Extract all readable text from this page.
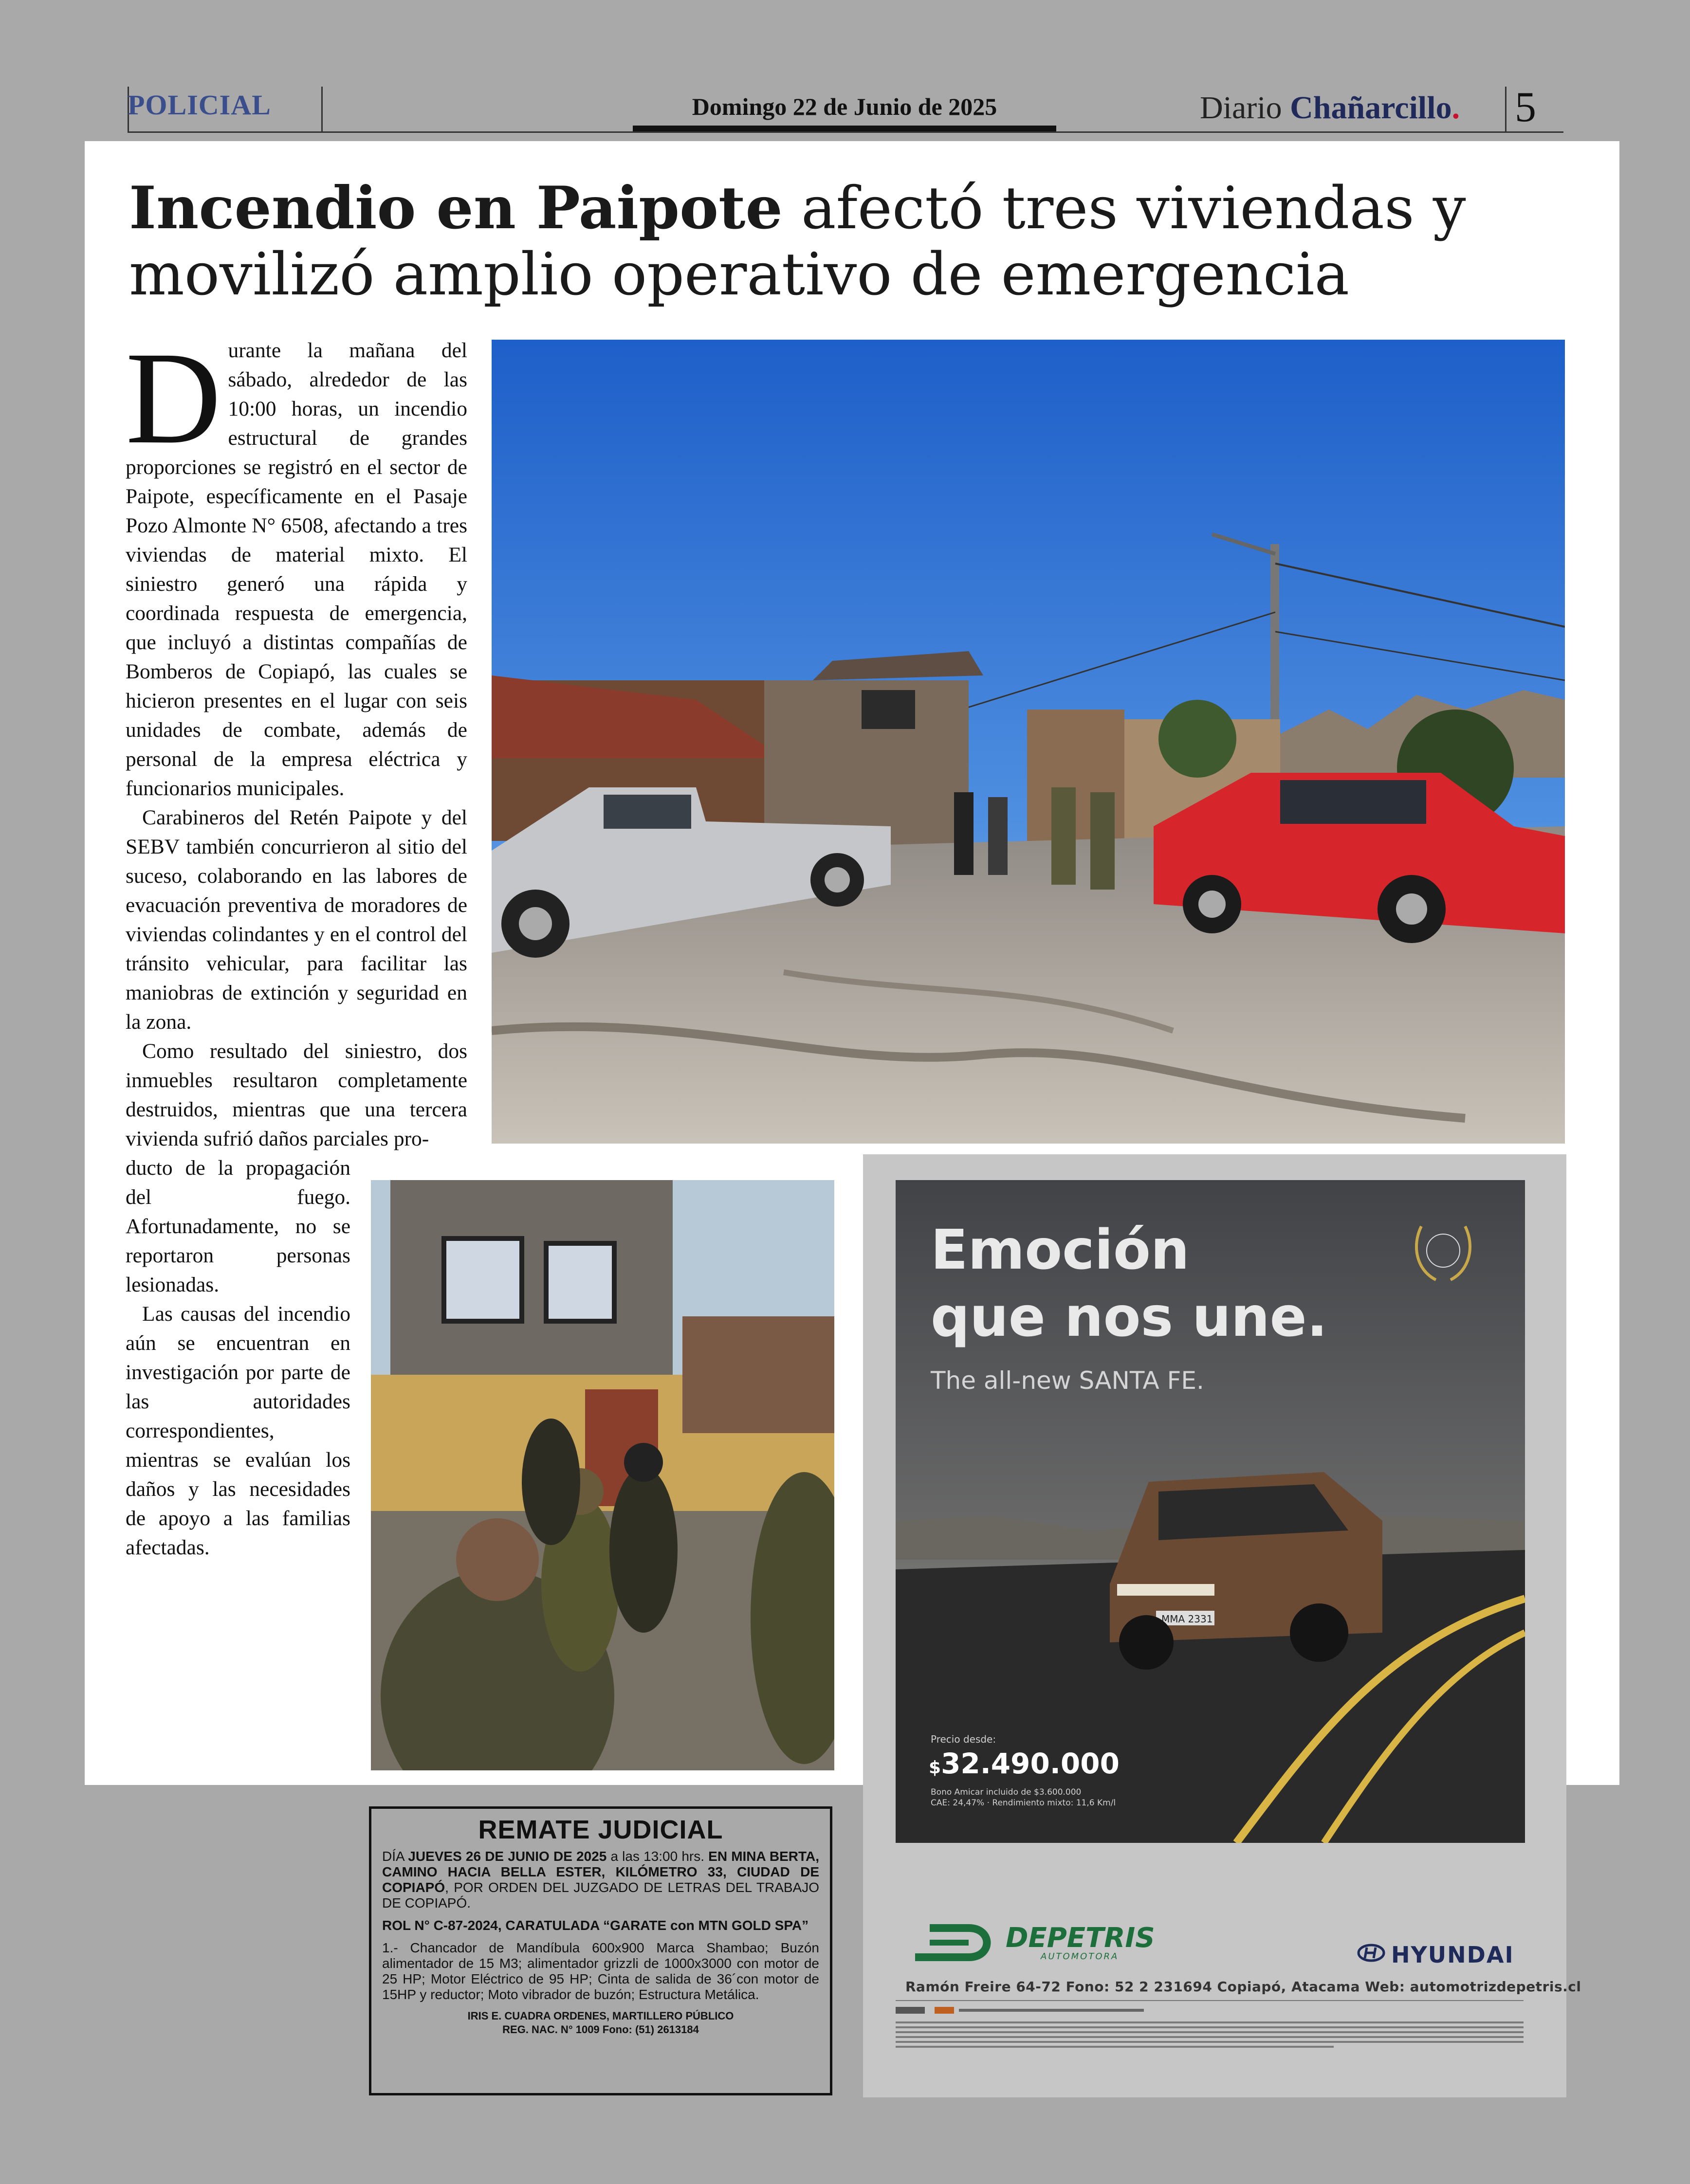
POLICIAL	Domingo 22 de Junio de 2025	Diario Chañarcillo. 5
Incendio en Paipote afectó tres viviendas y movilizó amplio operativo de emergencia

Durante la mañana del sábado, alrededor de las 10:00 horas, un incendio estructural de grandes proporciones se registró en el sector de Paipote, específicamente en el Pasaje Pozo Almonte N° 6508, afectando a tres viviendas de material mixto. El siniestro generó una rápida y coordinada respuesta de emergencia, que incluyó a distintas compañías de Bomberos de Copiapó, las cuales se hicieron presentes en el lugar con seis unidades de combate, además de personal de la empresa eléctrica y funcionarios municipales.

Carabineros del Retén Paipote y del SEBV también concurrieron al sitio del suceso, colaborando en las labores de evacuación preventiva de moradores de viviendas colindantes y en el control del tránsito vehicular, para facilitar las maniobras de extinción y seguridad en la zona.

Como resultado del siniestro, dos inmuebles resultaron completamente destruidos, mientras que una tercera vivienda sufrió daños parciales pro-

ducto de la propagación del fuego. Afortunadamente, no se reportaron personas lesionadas.

Las causas del incendio aún se encuentran en investigación por parte de las autoridades correspondientes, mientras se evalúan los daños y las necesidades de apoyo a las familias afectadas.

MMA 2331
Emoción
que nos une.
The all-new SANTA FE.
Precio desde:
$32.490.000
Bono Amicar incluido de $3.600.000
CAE: 24,47% · Rendimiento mixto: 11,6 Km/l
DEPETRIS
AUTOMOTORA	HYUNDAI
Ramón Freire 64-72 Fono: 52 2 231694 Copiapó, Atacama Web: automotrizdepetris.cl
REMATE JUDICIAL

DÍA JUEVES 26 DE JUNIO DE 2025 a las 13:00 hrs. EN MINA BERTA, CAMINO HACIA BELLA ESTER, KILÓMETRO 33, CIUDAD DE COPIAPÓ, POR ORDEN DEL JUZGADO DE LETRAS DEL TRABAJO DE COPIAPÓ.

ROL N° C-87-2024, CARATULADA “GARATE con MTN GOLD SPA”

1.- Chancador de Mandíbula 600x900 Marca Shambao; Buzón alimentador de 15 M3; alimentador grizzli de 1000x3000 con motor de 25 HP; Motor Eléctrico de 95 HP; Cinta de salida de 36´con motor de 15HP y reductor; Moto vibrador de buzón; Estructura Metálica.

IRIS E. CUADRA ORDENES, MARTILLERO PÚBLICO

REG. NAC. N° 1009 Fono: (51) 2613184
